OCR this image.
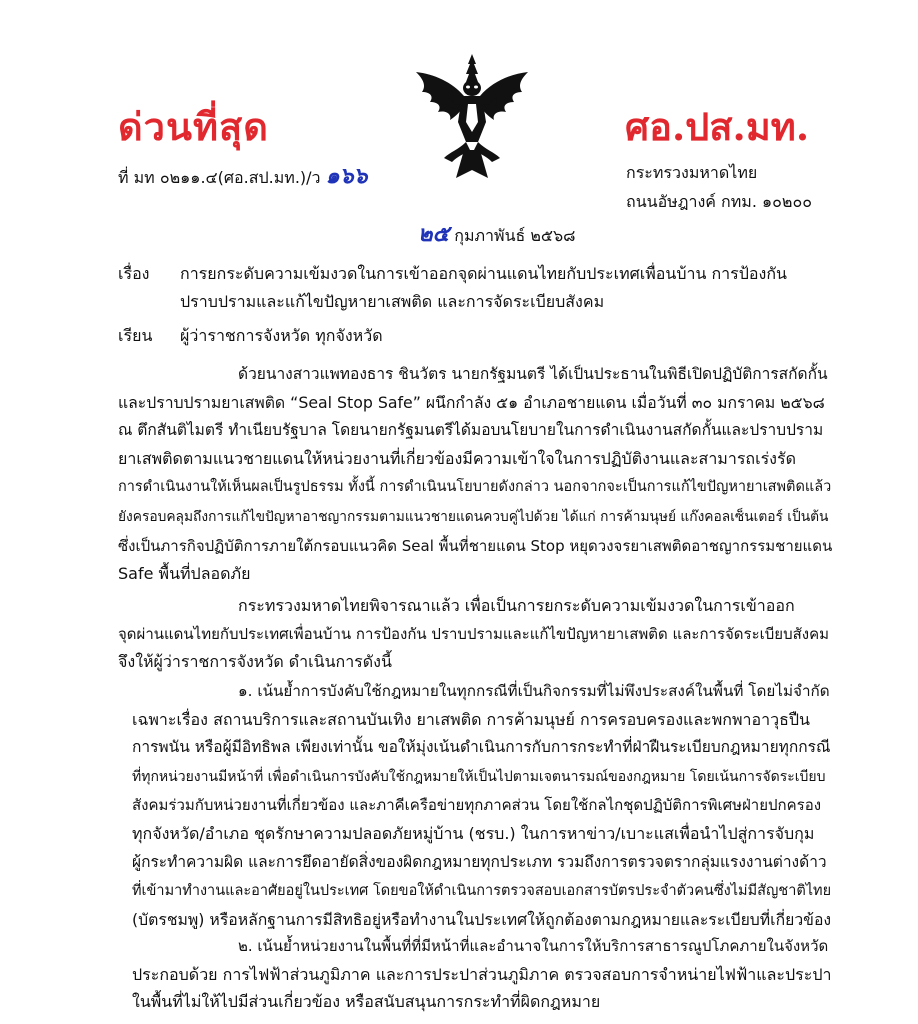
ด่วนที่สุด	ศอ.ปส.มท.
ที่ มท ๐๒๑๑.๔(ศอ.สป.มท.)/ว ๑๖๖	กระทรวงมหาดไทย
ถนนอัษฎางค์ กทม. ๑๐๒๐๐
๒๕ กุมภาพันธ์ ๒๕๖๘
เรื่อง การยกระดับความเข้มงวดในการเข้าออกจุดผ่านแดนไทยกับประเทศเพื่อนบ้าน การป้องกัน
ปราบปรามและแก้ไขปัญหายาเสพติด และการจัดระเบียบสังคม
เรียน ผู้ว่าราชการจังหวัด ทุกจังหวัด
ด้วยนางสาวแพทองธาร ชินวัตร นายกรัฐมนตรี ได้เป็นประธานในพิธีเปิดปฏิบัติการสกัดกั้น
และปราบปรามยาเสพติด “Seal Stop Safe” ผนึกกำลัง ๕๑ อำเภอชายแดน เมื่อวันที่ ๓๐ มกราคม ๒๕๖๘
ณ ตึกสันติไมตรี ทำเนียบรัฐบาล โดยนายกรัฐมนตรีได้มอบนโยบายในการดำเนินงานสกัดกั้นและปราบปราม
ยาเสพติดตามแนวชายแดนให้หน่วยงานที่เกี่ยวข้องมีความเข้าใจในการปฏิบัติงานและสามารถเร่งรัด
การดำเนินงานให้เห็นผลเป็นรูปธรรม ทั้งนี้ การดำเนินนโยบายดังกล่าว นอกจากจะเป็นการแก้ไขปัญหายาเสพติดแล้ว
ยังครอบคลุมถึงการแก้ไขปัญหาอาชญากรรมตามแนวชายแดนควบคู่ไปด้วย ได้แก่ การค้ามนุษย์ แก๊งคอลเซ็นเตอร์ เป็นต้น
ซึ่งเป็นภารกิจปฏิบัติการภายใต้กรอบแนวคิด Seal พื้นที่ชายแดน Stop หยุดวงจรยาเสพติดอาชญากรรมชายแดน
Safe พื้นที่ปลอดภัย
กระทรวงมหาดไทยพิจารณาแล้ว เพื่อเป็นการยกระดับความเข้มงวดในการเข้าออก
จุดผ่านแดนไทยกับประเทศเพื่อนบ้าน การป้องกัน ปราบปรามและแก้ไขปัญหายาเสพติด และการจัดระเบียบสังคม
จึงให้ผู้ว่าราชการจังหวัด ดำเนินการดังนี้
๑. เน้นย้ำการบังคับใช้กฎหมายในทุกกรณีที่เป็นกิจกรรมที่ไม่พึงประสงค์ในพื้นที่ โดยไม่จำกัด
เฉพาะเรื่อง สถานบริการและสถานบันเทิง ยาเสพติด การค้ามนุษย์ การครอบครองและพกพาอาวุธปืน
การพนัน หรือผู้มีอิทธิพล เพียงเท่านั้น ขอให้มุ่งเน้นดำเนินการกับการกระทำที่ฝ่าฝืนระเบียบกฎหมายทุกกรณี
ที่ทุกหน่วยงานมีหน้าที่ เพื่อดำเนินการบังคับใช้กฎหมายให้เป็นไปตามเจตนารมณ์ของกฎหมาย โดยเน้นการจัดระเบียบ
สังคมร่วมกับหน่วยงานที่เกี่ยวข้อง และภาคีเครือข่ายทุกภาคส่วน โดยใช้กลไกชุดปฏิบัติการพิเศษฝ่ายปกครอง
ทุกจังหวัด/อำเภอ ชุดรักษาความปลอดภัยหมู่บ้าน (ชรบ.) ในการหาข่าว/เบาะแสเพื่อนำไปสู่การจับกุม
ผู้กระทำความผิด และการยึดอายัดสิ่งของผิดกฎหมายทุกประเภท รวมถึงการตรวจตรากลุ่มแรงงานต่างด้าว
ที่เข้ามาทำงานและอาศัยอยู่ในประเทศ โดยขอให้ดำเนินการตรวจสอบเอกสารบัตรประจำตัวคนซึ่งไม่มีสัญชาติไทย
(บัตรชมพู) หรือหลักฐานการมีสิทธิอยู่หรือทำงานในประเทศให้ถูกต้องตามกฎหมายและระเบียบที่เกี่ยวข้อง
๒. เน้นย้ำหน่วยงานในพื้นที่ที่มีหน้าที่และอำนาจในการให้บริการสาธารณูปโภคภายในจังหวัด
ประกอบด้วย การไฟฟ้าส่วนภูมิภาค และการประปาส่วนภูมิภาค ตรวจสอบการจำหน่ายไฟฟ้าและประปา
ในพื้นที่ไม่ให้ไปมีส่วนเกี่ยวข้อง หรือสนับสนุนการกระทำที่ผิดกฎหมาย
